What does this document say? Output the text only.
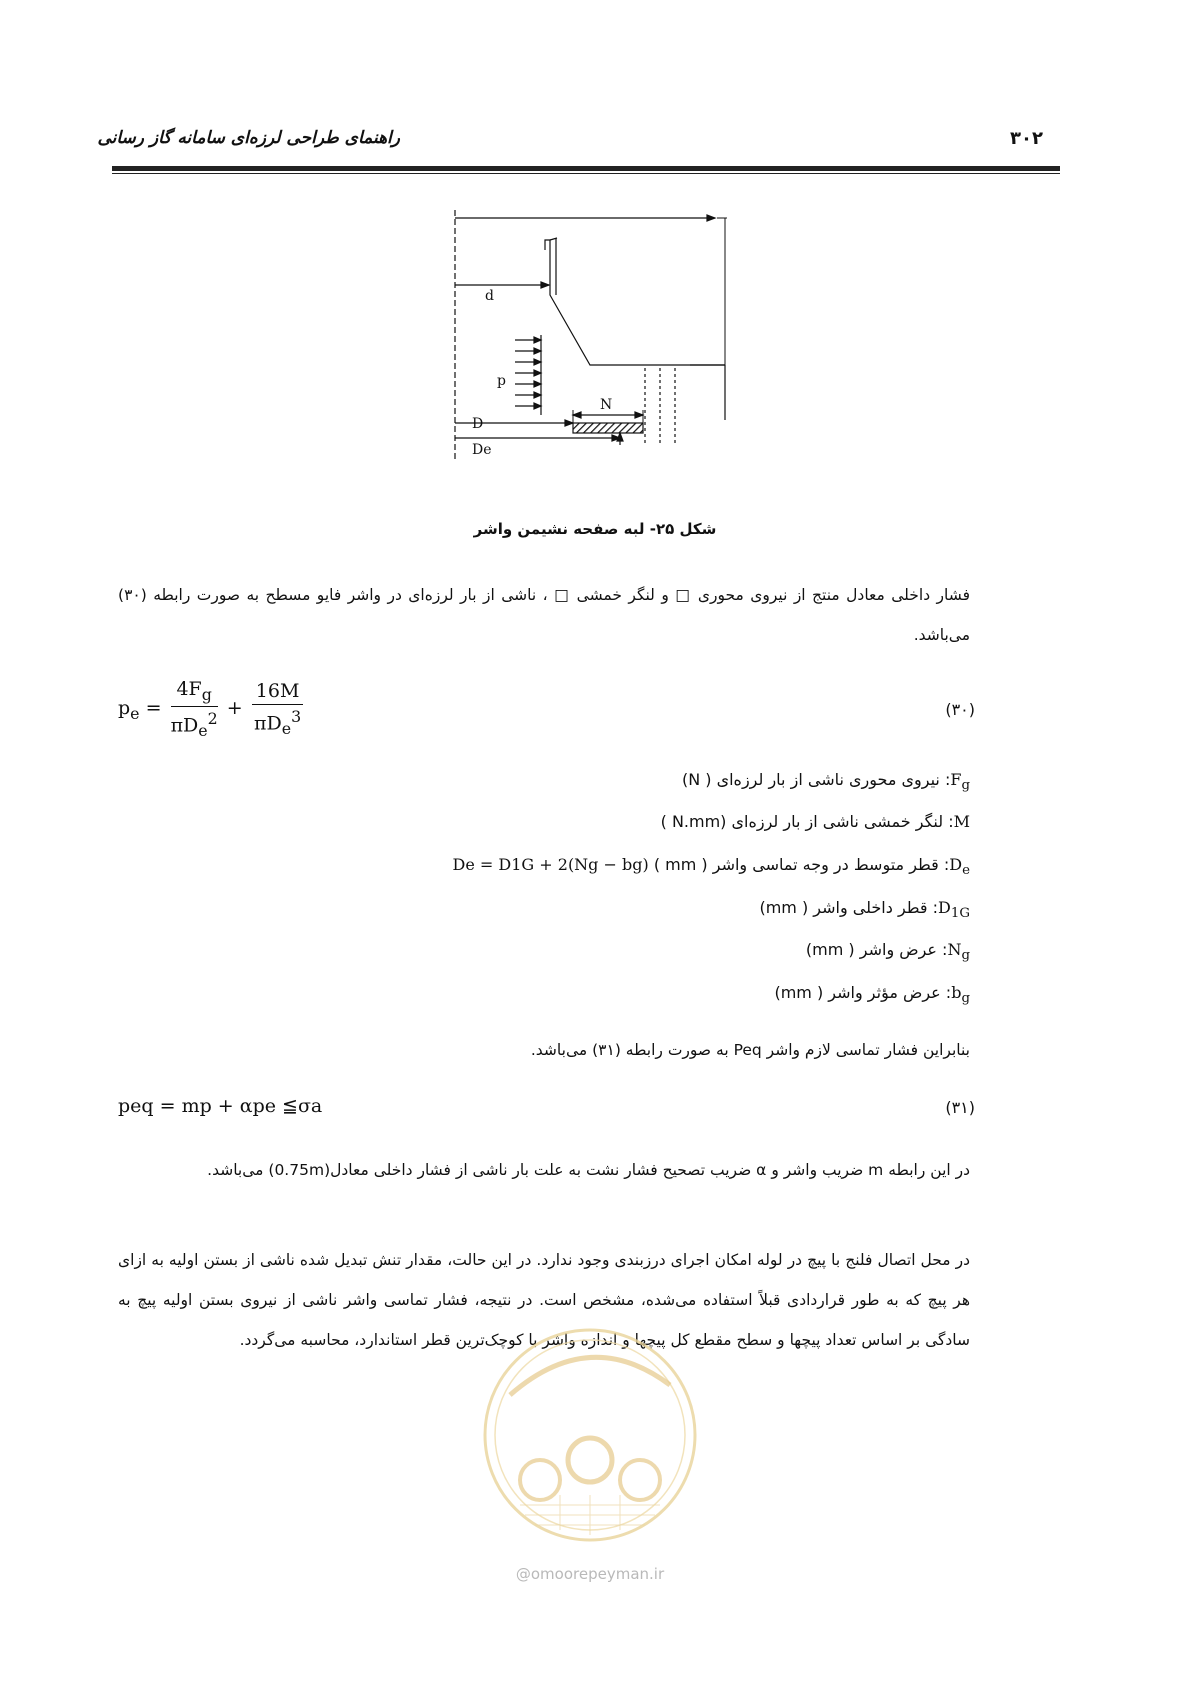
راهنمای طراحی لرزه‌ای سامانه گاز رسانی	۳۰۲
d
p
N
D
De
شکل ۲۵- لبه صفحه نشیمن واشر
فشار داخلی معادل منتج از نیروی محوری □ و لنگر خمشی □ ، ناشی از بار لرزه‌ای در واشر فایو مسطح به صورت رابطه (۳۰) می‌باشد.
$p_e = \frac{4F_g}{\pi D_e^2} + \frac{16M}{\pi D_e^3}$	(۳۰)
$F_g$: نیروی محوری ناشی از بار لرزه‌ای ( N)
M: لنگر خمشی ناشی از بار لرزه‌ای (N.mm )
$D_e$: قطر متوسط در وجه تماسی واشر ( mm ) De = D1G + 2(Ng − bg)
$D_{1G}$: قطر داخلی واشر ( mm)
$N_g$: عرض واشر ( mm)
$b_g$: عرض مؤثر واشر ( mm)
بنابراین فشار تماسی لازم واشر Peq به صورت رابطه (۳۱) می‌باشد.
peq = mp + αpe ≦σa	(۳۱)
در این رابطه m ضریب واشر و α ضریب تصحیح فشار نشت به علت بار ناشی از فشار داخلی معادل(0.75m) می‌باشد.
در محل اتصال فلنج با پیچ در لوله امکان اجرای درزبندی وجود ندارد. در این حالت، مقدار تنش تبدیل شده ناشی از بستن اولیه به ازای هر پیچ که به طور قراردادی قبلاً استفاده می‌شده، مشخص است. در نتیجه، فشار تماسی واشر ناشی از نیروی بستن اولیه پیچ به سادگی بر اساس تعداد پیچها و سطح مقطع کل پیچها و اندازه واشر با کوچک‌ترین قطر استاندارد، محاسبه می‌گردد.
@omoorepeyman.ir
